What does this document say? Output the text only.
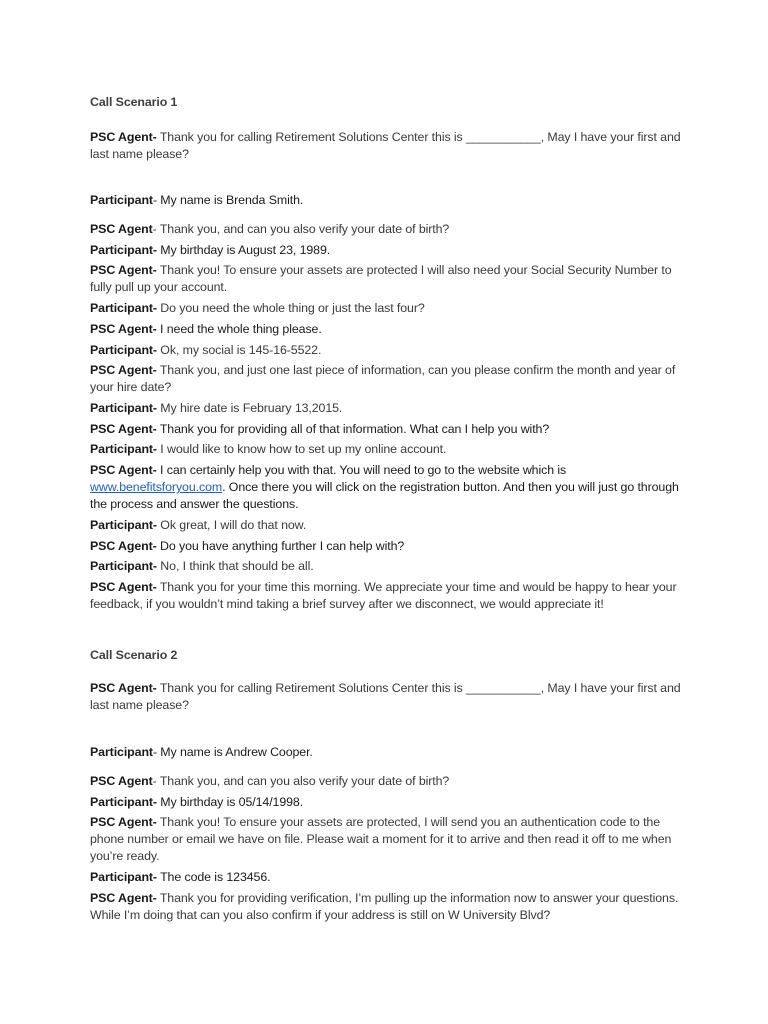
Call Scenario 1

PSC Agent- Thank you for calling Retirement Solutions Center this is ___________, May I have your first and last name please?

Participant- My name is Brenda Smith.

PSC Agent- Thank you, and can you also verify your date of birth?

Participant- My birthday is August 23, 1989.

PSC Agent- Thank you! To ensure your assets are protected I will also need your Social Security Number to fully pull up your account.

Participant- Do you need the whole thing or just the last four?

PSC Agent- I need the whole thing please.

Participant- Ok, my social is 145-16-5522.

PSC Agent- Thank you, and just one last piece of information, can you please confirm the month and year of your hire date?

Participant- My hire date is February 13,2015.

PSC Agent- Thank you for providing all of that information. What can I help you with?

Participant- I would like to know how to set up my online account.

PSC Agent- I can certainly help you with that. You will need to go to the website which is www.benefitsforyou.com. Once there you will click on the registration button. And then you will just go through the process and answer the questions.

Participant- Ok great, I will do that now.

PSC Agent- Do you have anything further I can help with?

Participant- No, I think that should be all.

PSC Agent- Thank you for your time this morning. We appreciate your time and would be happy to hear your feedback, if you wouldn’t mind taking a brief survey after we disconnect, we would appreciate it!

Call Scenario 2

PSC Agent- Thank you for calling Retirement Solutions Center this is ___________, May I have your first and last name please?

Participant- My name is Andrew Cooper.

PSC Agent- Thank you, and can you also verify your date of birth?

Participant- My birthday is 05/14/1998.

PSC Agent- Thank you! To ensure your assets are protected, I will send you an authentication code to the phone number or email we have on file. Please wait a moment for it to arrive and then read it off to me when you’re ready.

Participant- The code is 123456.

PSC Agent- Thank you for providing verification, I’m pulling up the information now to answer your questions. While I’m doing that can you also confirm if your address is still on W University Blvd?
